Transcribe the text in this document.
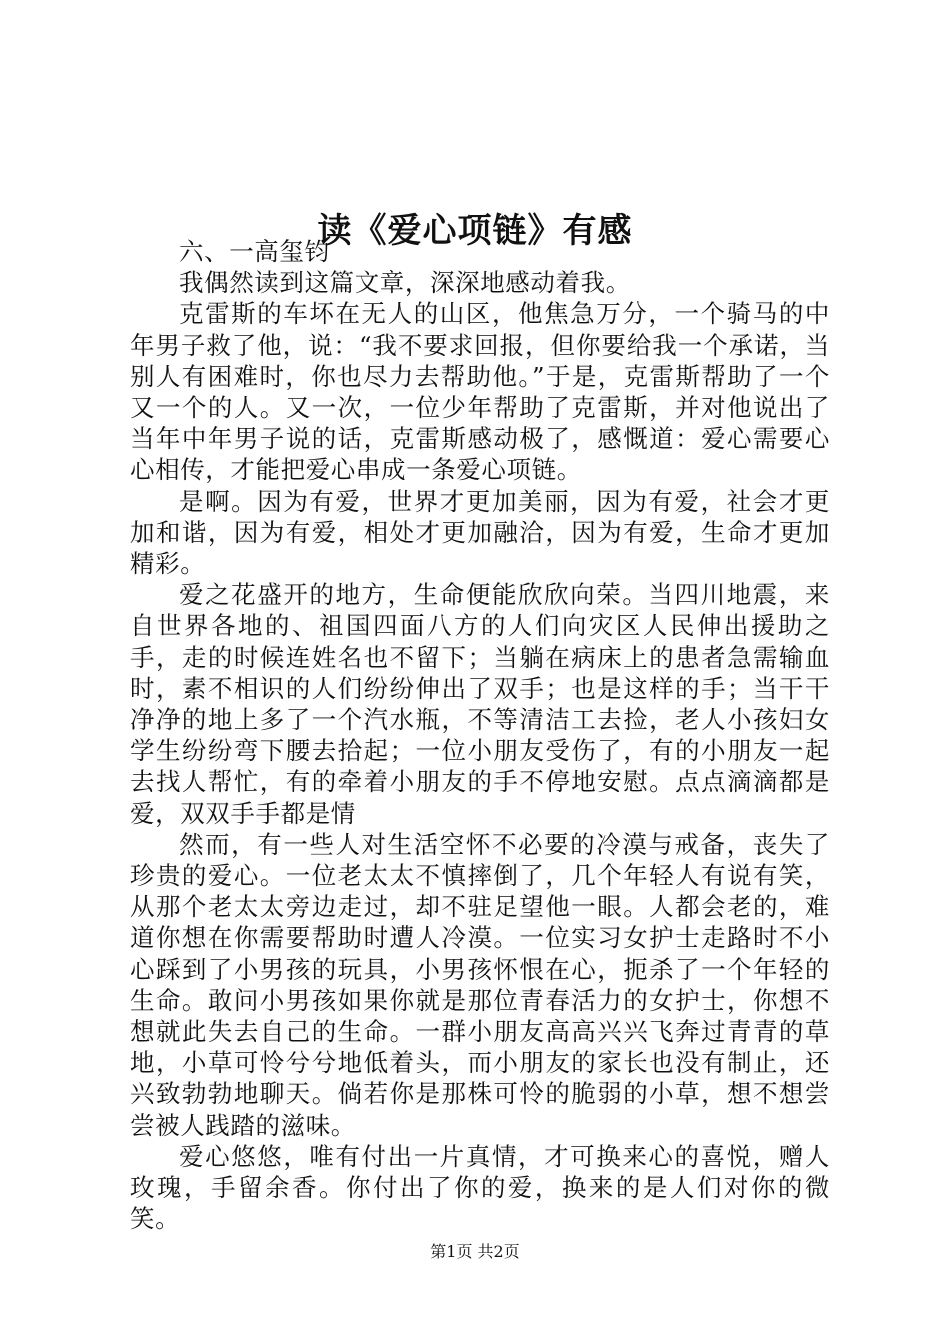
读《爱心项链》有感

六、一高玺钧

我偶然读到这篇文章，深深地感动着我。

克雷斯的车坏在无人的山区，他焦急万分，一个骑马的中年男子救了他，说：“我不要求回报，但你要给我一个承诺，当别人有困难时，你也尽力去帮助他。”于是，克雷斯帮助了一个又一个的人。又一次，一位少年帮助了克雷斯，并对他说出了当年中年男子说的话，克雷斯感动极了，感慨道：爱心需要心心相传，才能把爱心串成一条爱心项链。

是啊。因为有爱，世界才更加美丽，因为有爱，社会才更加和谐，因为有爱，相处才更加融洽，因为有爱，生命才更加精彩。

爱之花盛开的地方，生命便能欣欣向荣。当四川地震，来自世界各地的、祖国四面八方的人们向灾区人民伸出援助之手，走的时候连姓名也不留下；当躺在病床上的患者急需输血时，素不相识的人们纷纷伸出了双手；也是这样的手；当干干净净的地上多了一个汽水瓶，不等清洁工去捡，老人小孩妇女学生纷纷弯下腰去拾起；一位小朋友受伤了，有的小朋友一起去找人帮忙，有的牵着小朋友的手不停地安慰。点点滴滴都是爱，双双手手都是情

然而，有一些人对生活空怀不必要的冷漠与戒备，丧失了珍贵的爱心。一位老太太不慎摔倒了，几个年轻人有说有笑，从那个老太太旁边走过，却不驻足望他一眼。人都会老的，难道你想在你需要帮助时遭人冷漠。一位实习女护士走路时不小心踩到了小男孩的玩具，小男孩怀恨在心，扼杀了一个年轻的生命。敢问小男孩如果你就是那位青春活力的女护士，你想不想就此失去自己的生命。一群小朋友高高兴兴飞奔过青青的草地，小草可怜兮兮地低着头，而小朋友的家长也没有制止，还兴致勃勃地聊天。倘若你是那株可怜的脆弱的小草，想不想尝尝被人践踏的滋味。

爱心悠悠，唯有付出一片真情，才可换来心的喜悦，赠人玫瑰，手留余香。你付出了你的爱，换来的是人们对你的微笑。

第1页 共2页
